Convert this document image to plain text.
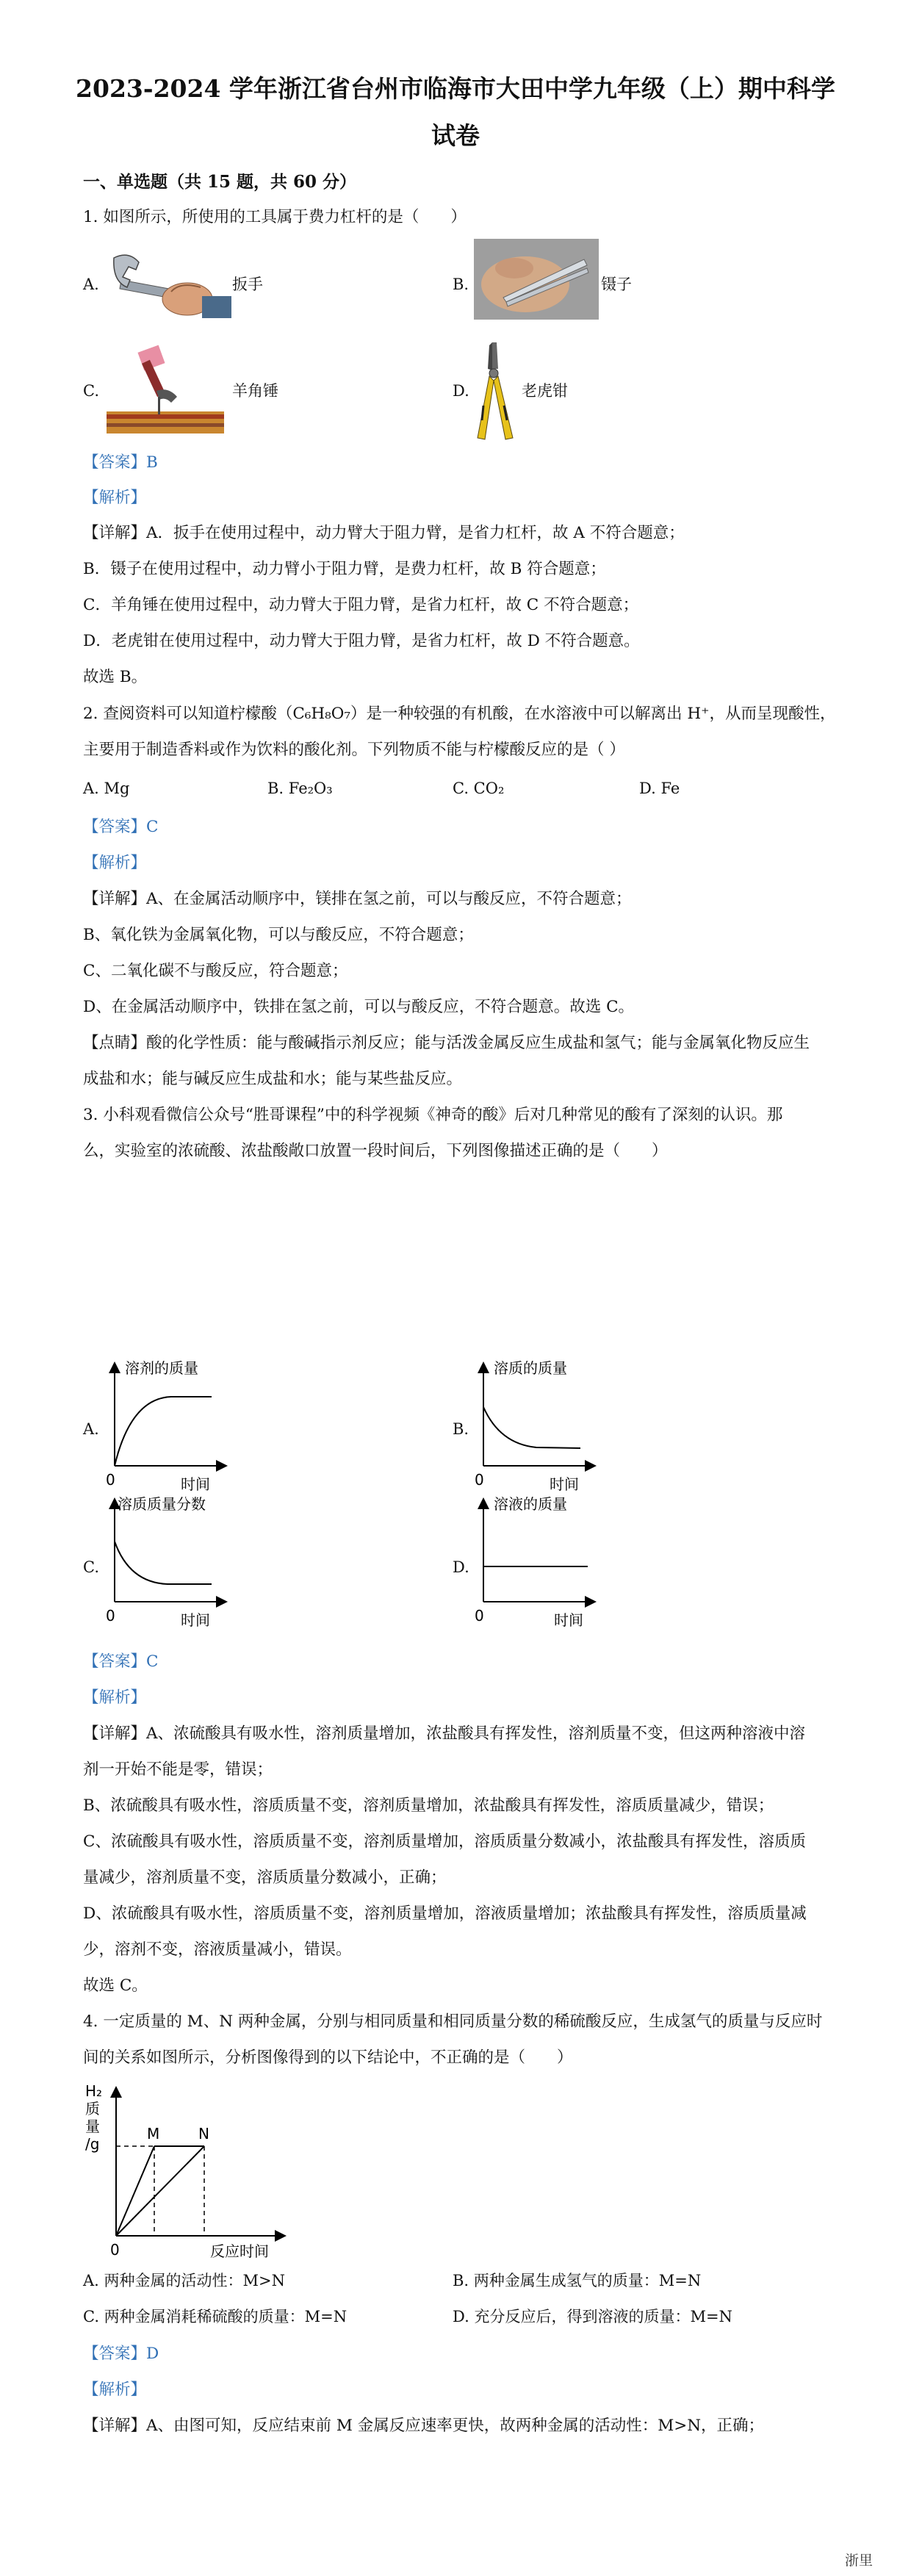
2023-2024 学年浙江省台州市临海市大田中学九年级（上）期中科学
试卷
一、单选题（共 15 题，共 60 分）
1. 如图所示，所使用的工具属于费力杠杆的是（　　）
A.	扳手	B.	镊子
C.	羊角锤	D.	老虎钳
【答案】B
【解析】
【详解】A．扳手在使用过程中，动力臂大于阻力臂，是省力杠杆，故 A 不符合题意；
B．镊子在使用过程中，动力臂小于阻力臂，是费力杠杆，故 B 符合题意；
C．羊角锤在使用过程中，动力臂大于阻力臂，是省力杠杆，故 C 不符合题意；
D．老虎钳在使用过程中，动力臂大于阻力臂，是省力杠杆，故 D 不符合题意。
故选 B。
2. 查阅资料可以知道柠檬酸（C₆H₈O₇）是一种较强的有机酸，在水溶液中可以解离出 H⁺，从而呈现酸性，
主要用于制造香料或作为饮料的酸化剂。下列物质不能与柠檬酸反应的是（ ）
A. Mg	B. Fe₂O₃	C. CO₂	D. Fe
【答案】C
【解析】
【详解】A、在金属活动顺序中，镁排在氢之前，可以与酸反应，不符合题意；
B、氧化铁为金属氧化物，可以与酸反应，不符合题意；
C、二氧化碳不与酸反应，符合题意；
D、在金属活动顺序中，铁排在氢之前，可以与酸反应，不符合题意。故选 C。
【点睛】酸的化学性质：能与酸碱指示剂反应；能与活泼金属反应生成盐和氢气；能与金属氧化物反应生
成盐和水；能与碱反应生成盐和水；能与某些盐反应。
3. 小科观看微信公众号“胜哥课程”中的科学视频《神奇的酸》后对几种常见的酸有了深刻的认识。那
么，实验室的浓硫酸、浓盐酸敞口放置一段时间后，下列图像描述正确的是（　　）
A.
溶剂的质量
0	时间
B.
溶质的质量
0	时间
C.
溶质质量分数
0	时间
D.
溶液的质量
0	时间
【答案】C
【解析】
【详解】A、浓硫酸具有吸水性，溶剂质量增加，浓盐酸具有挥发性，溶剂质量不变，但这两种溶液中溶
剂一开始不能是零，错误；
B、浓硫酸具有吸水性，溶质质量不变，溶剂质量增加，浓盐酸具有挥发性，溶质质量减少，错误；
C、浓硫酸具有吸水性，溶质质量不变，溶剂质量增加，溶质质量分数减小，浓盐酸具有挥发性，溶质质
量减少，溶剂质量不变，溶质质量分数减小，正确；
D、浓硫酸具有吸水性，溶质质量不变，溶剂质量增加，溶液质量增加；浓盐酸具有挥发性，溶质质量减
少，溶剂不变，溶液质量减小，错误。
故选 C。
4. 一定质量的 M、N 两种金属，分别与相同质量和相同质量分数的稀硫酸反应，生成氢气的质量与反应时
间的关系如图所示，分析图像得到的以下结论中，不正确的是（　　）
H₂
质
量
/g
M	N
0	反应时间
A. 两种金属的活动性：M>N	B. 两种金属生成氢气的质量：M=N
C. 两种金属消耗稀硫酸的质量：M=N	D. 充分反应后，得到溶液的质量：M=N
【答案】D
【解析】
【详解】A、由图可知，反应结束前 M 金属反应速率更快，故两种金属的活动性：M>N，正确；
浙里
